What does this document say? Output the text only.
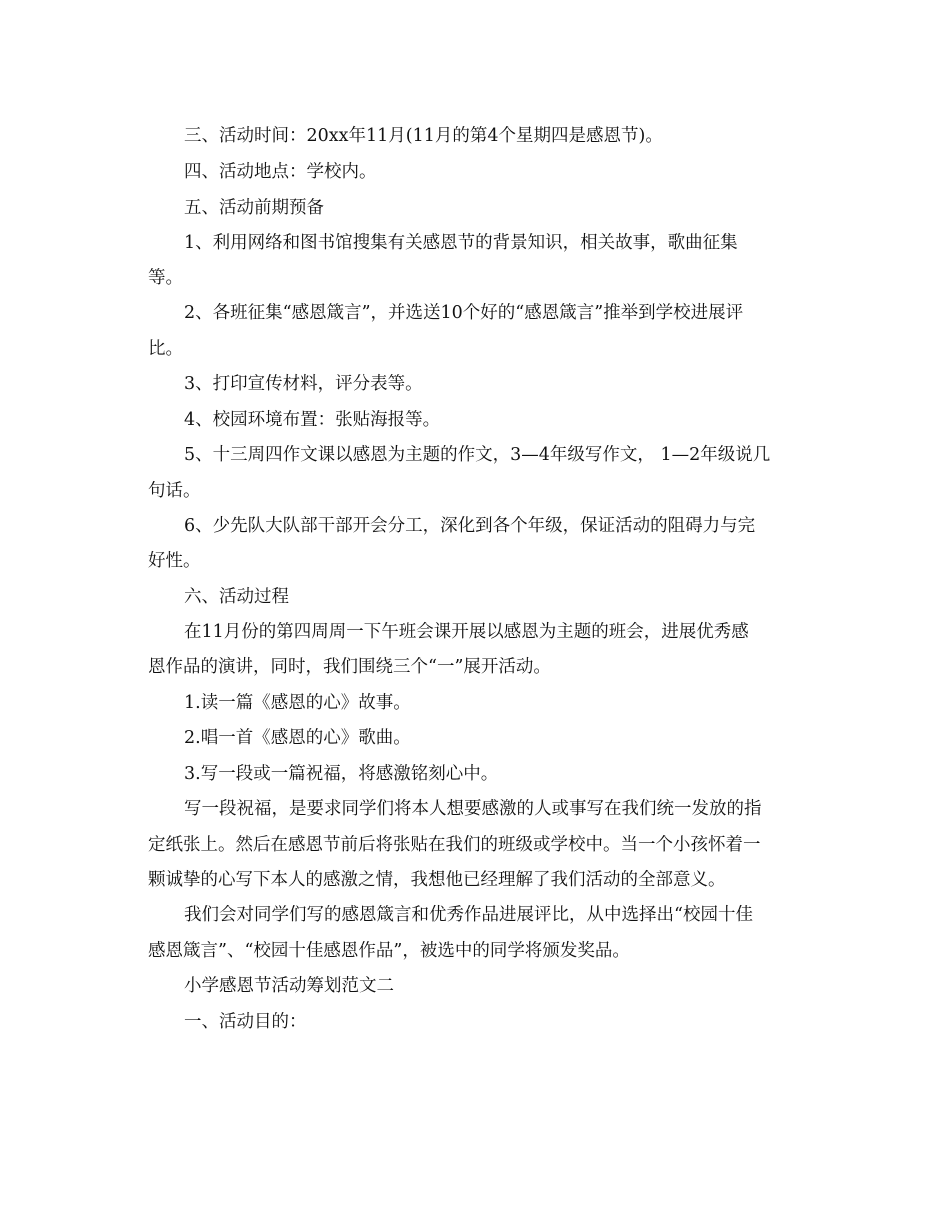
三、活动时间：20xx年11月(11月的第4个星期四是感恩节)。
四、活动地点：学校内。
五、活动前期预备
1、利用网络和图书馆搜集有关感恩节的背景知识，相关故事，歌曲征集
等。
2、各班征集“感恩箴言”，并选送10个好的“感恩箴言”推举到学校进展评
比。
3、打印宣传材料，评分表等。
4、校园环境布置：张贴海报等。
5、十三周四作文课以感恩为主题的作文，3—4年级写作文， 1—2年级说几
句话。
6、少先队大队部干部开会分工，深化到各个年级，保证活动的阻碍力与完
好性。
六、活动过程
在11月份的第四周周一下午班会课开展以感恩为主题的班会，进展优秀感
恩作品的演讲，同时，我们围绕三个“一”展开活动。
1.读一篇《感恩的心》故事。
2.唱一首《感恩的心》歌曲。
3.写一段或一篇祝福，将感激铭刻心中。
写一段祝福，是要求同学们将本人想要感激的人或事写在我们统一发放的指
定纸张上。然后在感恩节前后将张贴在我们的班级或学校中。当一个小孩怀着一
颗诚挚的心写下本人的感激之情，我想他已经理解了我们活动的全部意义。
我们会对同学们写的感恩箴言和优秀作品进展评比，从中选择出“校园十佳
感恩箴言”、“校园十佳感恩作品”，被选中的同学将颁发奖品。
小学感恩节活动筹划范文二
一、活动目的：
